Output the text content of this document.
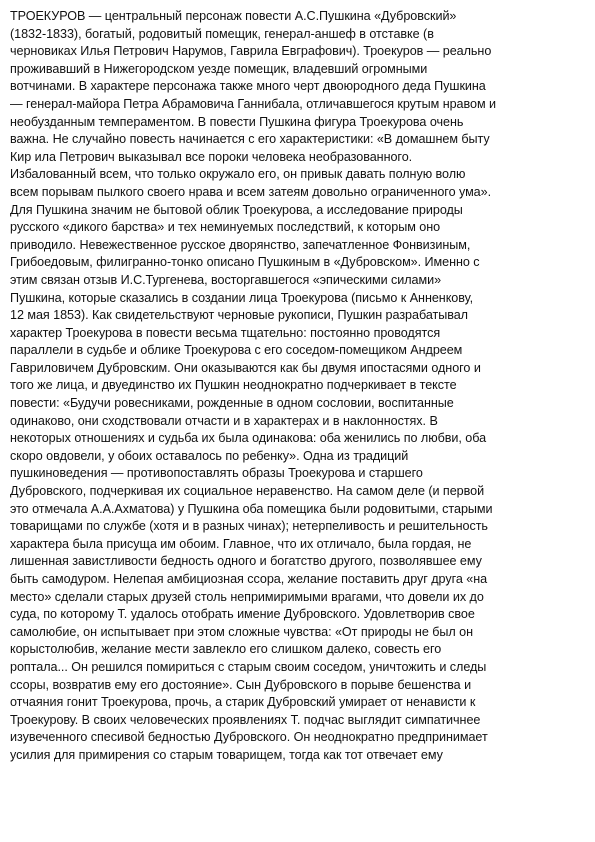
ТРОЕКУРОВ — центральный персонаж повести А.С.Пушкина «Дубровский»
(1832-1833), богатый, родовитый помещик, генерал-аншеф в отставке (в
черновиках Илья Петрович Нарумов, Гаврила Евграфович). Троекуров — реально
проживавший в Нижегородском уезде помещик, владевший огромными
вотчинами. В характере персонажа также много черт двоюродного деда Пушкина
— генерал-майора Петра Абрамовича Ганнибала, отличавшегося крутым нравом и
необузданным темпераментом. В повести Пушкина фигура Троекурова очень
важна. Не случайно повесть начинается с его характеристики: «В домашнем быту
Кир ила Петрович выказывал все пороки человека необразованного.
Избалованный всем, что только окружало его, он привык давать полную волю
всем порывам пылкого своего нрава и всем затеям довольно ограниченного ума».
Для Пушкина значим не бытовой облик Троекурова, а исследование природы
русского «дикого барства» и тех неминуемых последствий, к которым оно
приводило. Невежественное русское дворянство, запечатленное Фонвизиным,
Грибоедовым, филигранно-тонко описано Пушкиным в «Дубровском». Именно с
этим связан отзыв И.С.Тургенева, восторгавшегося «эпическими силами»
Пушкина, которые сказались в создании лица Троекурова (письмо к Анненкову,
12 мая 1853). Как свидетельствуют черновые рукописи, Пушкин разрабатывал
характер Троекурова в повести весьма тщательно: постоянно проводятся
параллели в судьбе и облике Троекурова с его соседом-помещиком Андреем
Гавриловичем Дубровским. Они оказываются как бы двумя ипостасями одного и
того же лица, и двуединство их Пушкин неоднократно подчеркивает в тексте
повести: «Будучи ровесниками, рожденные в одном сословии, воспитанные
одинаково, они сходствовали отчасти и в характерах и в наклонностях. В
некоторых отношениях и судьба их была одинакова: оба женились по любви, оба
скоро овдовели, у обоих оставалось по ребенку». Одна из традиций
пушкиноведения — противопоставлять образы Троекурова и старшего
Дубровского, подчеркивая их социальное неравенство. На самом деле (и первой
это отмечала А.А.Ахматова) у Пушкина оба помещика были родовитыми, старыми
товарищами по службе (хотя и в разных чинах); нетерпеливость и решительность
характера была присуща им обоим. Главное, что их отличало, была гордая, не
лишенная завистливости бедность одного и богатство другого, позволявшее ему
быть самодуром. Нелепая амбициозная ссора, желание поставить друг друга «на
место» сделали старых друзей столь непримиримыми врагами, что довели их до
суда, по которому Т. удалось отобрать имение Дубровского. Удовлетворив свое
самолюбие, он испытывает при этом сложные чувства: «От природы не был он
корыстолюбив, желание мести завлекло его слишком далеко, совесть его
роптала... Он решился помириться с старым своим соседом, уничтожить и следы
ссоры, возвратив ему его достояние». Сын Дубровского в порыве бешенства и
отчаяния гонит Троекурова, прочь, а старик Дубровский умирает от ненависти к
Троекурову. В своих человеческих проявлениях Т. подчас выглядит симпатичнее
изувеченного спесивой бедностью Дубровского. Он неоднократно предпринимает
усилия для примирения со старым товарищем, тогда как тот отвечает ему
